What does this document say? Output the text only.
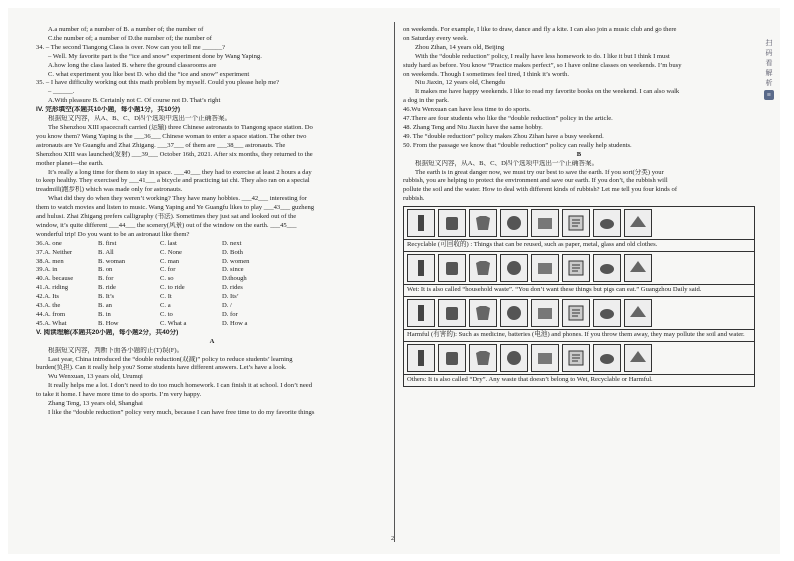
A.a number of; a number of B. a number of; the number of
C.the number of; a number of D.the number of; the number of
34. – The second Tiangong Class is over. Now can you tell me ______?
– Well. My favorite part is the “ice and snow” experiment done by Wang Yaping.
A.how long the class lasted B. where the ground classrooms are
C. what experiment you like best D. who did the “ice and snow” experiment
35. – I have difficulty working out this math problem by myself. Could you please help me?
– ______.
A.With pleasure B. Certainly not C. Of course not D. That’s right
IV. 完形填空(本题共10小题，每小题1分，共10分)
根据短文内容，从A、B、C、D四个选项中选出一个正确答案。
The Shenzhou XIII spacecraft carried (运输) three Chinese astronauts to Tiangong space station. Do
you know them? Wang Yaping is the ___36___ Chinese woman to enter a space station. The other two
astronauts are Ye Guangfu and Zhai Zhigang. ___37___ of them are ___38___ astronauts. The
Shenzhou XIII was launched(发射) ___39___ October 16th, 2021. After six months, they returned to the
mother planet—the earth.
It’s really a long time for them to stay in space. ___40___ they had to exercise at least 2 hours a day
to keep healthy. They exercised by ___41___ a bicycle and practicing tai chi. They also ran on a special
treadmill(跑步机) which was made only for astronauts.
What did they do when they weren’t working? They have many hobbies. ___42___ interesting for
them to watch movies and listen to music. Wang Yaping and Ye Guangfu likes to play ___43___ guzheng
and hulusi. Zhai Zhigang prefers calligraphy (书法). Sometimes they just sat and looked out of the
window, it’s quite different ___44___ the scenery(风景) out of the window on the earth. ___45___
wonderful trip! Do you want to be an astronaut like them?
36.A. one	B. first	C. last	D. next
37.A. Neither	B. All	C. None	D. Both
38.A. men	B. woman	C. man	D. women
39.A. in	B. on	C. for	D. since
40.A. because	B. for	C. so	D.though
41.A. riding	B. ride	C. to ride	D. rides
42.A. Its	B. It’s	C. It	D. Its’
43.A. the	B. an	C. a	D. /
44.A. from	B. in	C. to	D. for
45.A. What	B. How	C. What a	D. How a
V. 阅读理解(本题共20小题，每小题2分，共40分)
A
根据短文内容，判断下面各小题的正(T)误(F)。
Last year, China introduced the “double reduction(双减)” policy to reduce students’ learning
burden(负担). Can it really help you? Some students have different answers. Let’s have a look.
Wu Wenxuan, 13 years old, Urumqi
It really helps me a lot. I don’t need to do too much homework. I can finish it at school. I don’t need
to take it home. I have more time to do sports. I’m very happy.
Zhang Teng, 13 years old, Shanghai
I like the “double reduction” policy very much, because I can have free time to do my favorite things
on weekends. For example, I like to draw, dance and fly a kite. I can also join a music club and go there
on Saturday every week.
Zhou Zihan, 14 years old, Beijing
With the “double reduction” policy, I really have less homework to do. I like it but I think I must
study hard as before. You know “Practice makes perfect”, so I have online classes on weekends. I’m busy
on weekends. Though I sometimes feel tired, I think it’s worth.
Niu Jiaxin, 12 years old, Chengdu
It makes me have happy weekends. I like to read my favorite books on the weekend. I can also walk
a dog in the park.
46.Wu Wenxuan can have less time to do sports.
47.There are four students who like the “double reduction” policy in the article.
48. Zhang Teng and Niu Jiaxin have the same hobby.
49. The “double reduction” policy makes Zhou Zihan have a busy weekend.
50. From the passage we know that “double reduction” policy can really help students.
B
根据短文内容，从A、B、C、D四个选项中选出一个正确答案。
The earth is in great danger now, we must try our best to save the earth. If you sort(分类) your
rubbish, you are helping to protect the environment and save our earth. If you don’t, the rubbish will
pollute the soil and the water. How to deal with different kinds of rubbish? Let me tell you four kinds of
rubbish.
Recyclable (可回收的) : Things that can be reused, such as paper, metal, glass and old clothes.
Wet: It is also called “household waste”. “You don’t want these things but pigs can eat.” Guangzhou Daily said.
Harmful (有害的): Such as medicine, batteries (电池) and phones. If you throw them away, they may pollute the soil and water.
Others: It is also called “Dry”. Any waste that doesn’t belong to Wet, Recyclable or Harmful.
2
扫
码
看
解
析
≡
